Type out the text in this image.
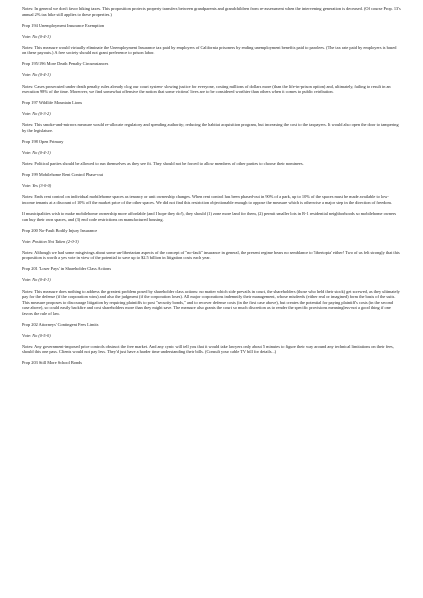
Notes: In general we don't favor hiking taxes. This proposition protects property transfers between grandparents and grandchildren from re-assessment when the intervening generation is deceased. (Of course Prop. 13's annual 2% tax hike still applies to these properties.)

Prop 194 Unemployment Insurance Exemption

Vote: No (0-4-1)

Notes: This measure would virtually eliminate the Unemployment Insurance tax paid by employers of California prisoners by ending unemployment benefits paid to parolees. (The tax rate paid by employers is based on these payouts.) A free society should not grant preference to prison labor.

Prop 195/196 More Death Penalty Circumstances

Vote: No (0-4-1)

Notes: Cases prosecuted under death penalty rules already clog our court system- slowing justice for everyone, costing millions of dollars more (than the life-in-prison option) and, ultimately, failing to result in an execution 98% of the time. Moreover, we find somewhat offensive the notion that some victims' lives are to be considered worthier than others when it comes to public retribution.

Prop 197 Wildlife Mountain Lions

Vote: No (0-3-2)

Notes: This smoke-and-mirrors measure would re-allocate regulatory and spending authority; reducing the habitat acquisition program, but increasing the cost to the taxpayers. It would also open the door to tampering by the legislature.

Prop 198 Open Primary

Vote: No (0-4-1)

Notes: Political parties should be allowed to run themselves as they see fit. They should not be forced to allow members of other parties to choose their nominees.

Prop 199 Mobilehome Rent Control Phase-out

Vote: Yes (3-0-0)

Notes: Ends rent control on individual mobilehome spaces as tenancy or unit ownership changes. When rent control has been phased-out in 90% of a park, up to 10% of the spaces must be made available to low-income tenants at a discount of 10% off the market price of the other spaces. We did not find this restriction objectionable enough to oppose the measure which is otherwise a major step in the direction of freedom.

If municipalities wish to make mobilehome ownership more affordable (and I hope they do!), they should (1) zone more land for them, (2) permit smaller lots in R-1 residential neighborhoods so mobilehome owners can buy their own spaces, and (3) end code restrictions on manufactured housing.

Prop 200 No-Fault Bodily Injury Insurance

Vote: Position Not Taken (2-0-3)

Notes: Although we had some misgivings about some un-libertarian aspects of the concept of "no-fault" insurance in general, the present regime bears no semblance to 'libertopia' either! Two of us felt strongly that this proposition is worth a yes vote in view of the potential to save up to $2.5 billion in litigation costs each year.

Prop 201 'Loser Pays' in Shareholder Class Actions

Vote: No (0-4-1)

Notes: This measure does nothing to address the greatest problem posed by shareholder class actions: no matter which side prevails in court, the shareholders (those who held their stock) get screwed, as they ultimately pay for the defense (if the corporation wins) and also the judgment (if the corporation loses). All major corporations indemnify their management, whose misdeeds (either real or imagined) form the basis of the suits. This measure proposes to discourage litigation by requiring plaintiffs to post "security bonds," and to recover defense costs (in the first case above), but creates the potential for paying plaintiff's costs (in the second case above), so could easily backfire and cost shareholders more than they might save. The measure also grants the court so much discretion as to render the specific provisions meaningless-not a good thing if one favors the rule of law.

Prop 202 Attorneys' Contingent Fees Limits

Vote: No (0-5-0)

Notes: Any government-imposed price controls obstruct the free market. And any cynic will tell you that it would take lawyers only about 5 minutes to figure their way around any technical limitations on their fees, should this one pass. Clients would not pay less. They'd just have a harder time understanding their bills. (Consult your cable TV bill for details...)

Prop 203 Still More School Bonds
